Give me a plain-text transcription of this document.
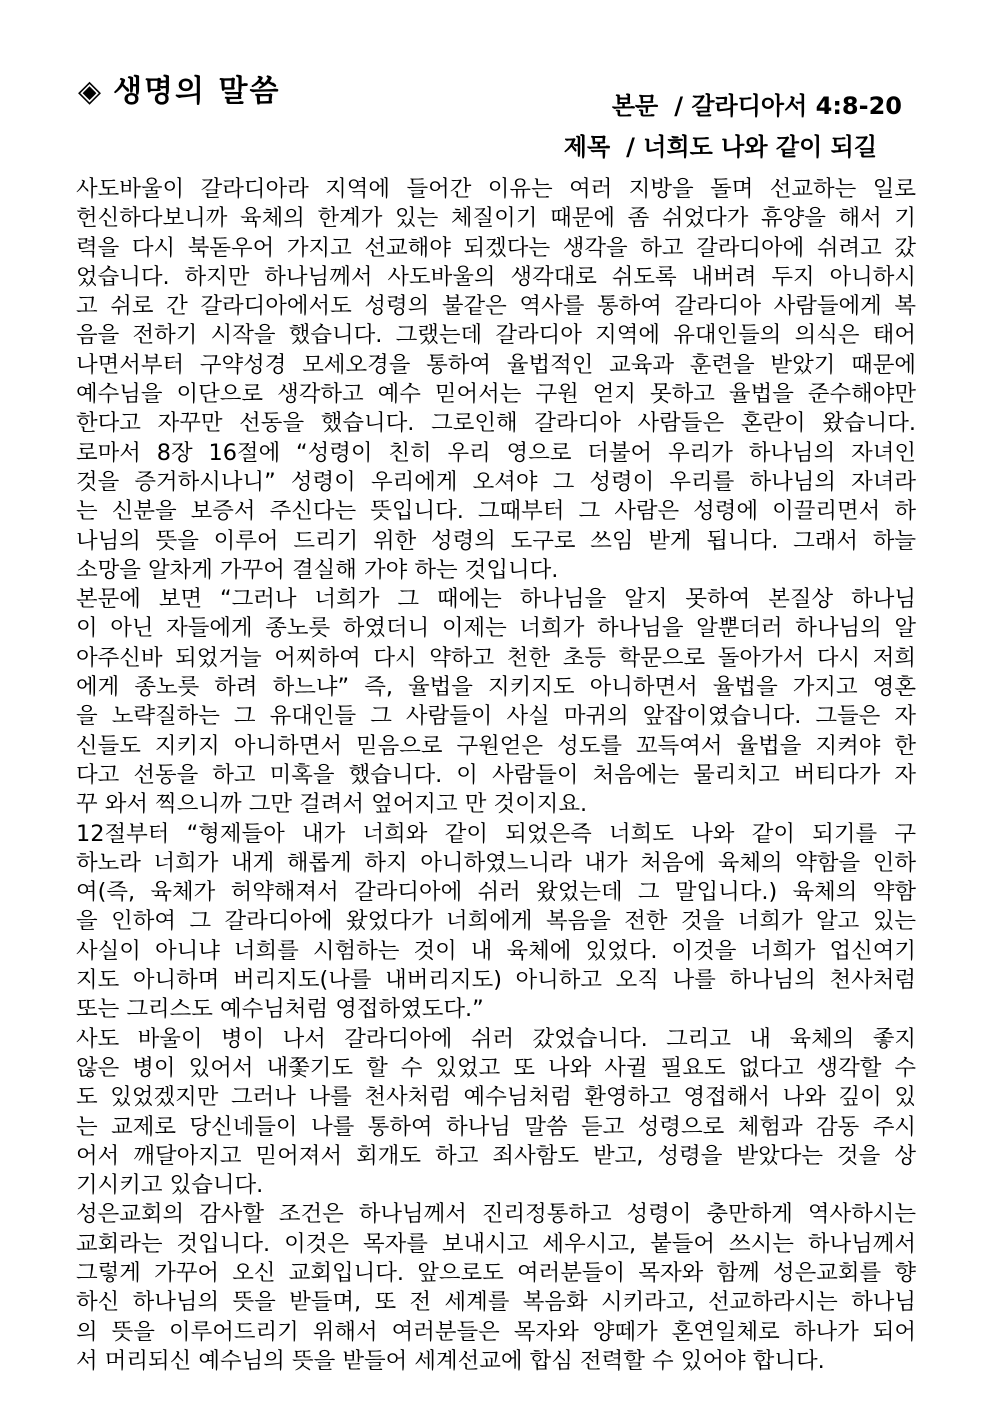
◈ 생명의 말씀	본문 / 갈라디아서 4:8-20

제목 / 너희도 나와 같이 되길

사도바울이 갈라디아라 지역에 들어간 이유는 여러 지방을 돌며 선교하는 일로
헌신하다보니까 육체의 한계가 있는 체질이기 때문에 좀 쉬었다가 휴양을 해서 기
력을 다시 북돋우어 가지고 선교해야 되겠다는 생각을 하고 갈라디아에 쉬려고 갔
었습니다. 하지만 하나님께서 사도바울의 생각대로 쉬도록 내버려 두지 아니하시
고 쉬로 간 갈라디아에서도 성령의 불같은 역사를 통하여 갈라디아 사람들에게 복
음을 전하기 시작을 했습니다. 그랬는데 갈라디아 지역에 유대인들의 의식은 태어
나면서부터 구약성경 모세오경을 통하여 율법적인 교육과 훈련을 받았기 때문에
예수님을 이단으로 생각하고 예수 믿어서는 구원 얻지 못하고 율법을 준수해야만
한다고 자꾸만 선동을 했습니다. 그로인해 갈라디아 사람들은 혼란이 왔습니다.
로마서 8장 16절에 “성령이 친히 우리 영으로 더불어 우리가 하나님의 자녀인
것을 증거하시나니” 성령이 우리에게 오셔야 그 성령이 우리를 하나님의 자녀라
는 신분을 보증서 주신다는 뜻입니다. 그때부터 그 사람은 성령에 이끌리면서 하
나님의 뜻을 이루어 드리기 위한 성령의 도구로 쓰임 받게 됩니다. 그래서 하늘
소망을 알차게 가꾸어 결실해 가야 하는 것입니다.
본문에 보면 “그러나 너희가 그 때에는 하나님을 알지 못하여 본질상 하나님
이 아닌 자들에게 종노릇 하였더니 이제는 너희가 하나님을 알뿐더러 하나님의 알
아주신바 되었거늘 어찌하여 다시 약하고 천한 초등 학문으로 돌아가서 다시 저희
에게 종노릇 하려 하느냐” 즉, 율법을 지키지도 아니하면서 율법을 가지고 영혼
을 노략질하는 그 유대인들 그 사람들이 사실 마귀의 앞잡이였습니다. 그들은 자
신들도 지키지 아니하면서 믿음으로 구원얻은 성도를 꼬득여서 율법을 지켜야 한
다고 선동을 하고 미혹을 했습니다. 이 사람들이 처음에는 물리치고 버티다가 자
꾸 와서 찍으니까 그만 걸려서 엎어지고 만 것이지요.
12절부터 “형제들아 내가 너희와 같이 되었은즉 너희도 나와 같이 되기를 구
하노라 너희가 내게 해롭게 하지 아니하였느니라 내가 처음에 육체의 약함을 인하
여(즉, 육체가 허약해져서 갈라디아에 쉬러 왔었는데 그 말입니다.) 육체의 약함
을 인하여 그 갈라디아에 왔었다가 너희에게 복음을 전한 것을 너희가 알고 있는
사실이 아니냐 너희를 시험하는 것이 내 육체에 있었다. 이것을 너희가 업신여기
지도 아니하며 버리지도(나를 내버리지도) 아니하고 오직 나를 하나님의 천사처럼
또는 그리스도 예수님처럼 영접하였도다.”
사도 바울이 병이 나서 갈라디아에 쉬러 갔었습니다. 그리고 내 육체의 좋지
않은 병이 있어서 내쫓기도 할 수 있었고 또 나와 사귈 필요도 없다고 생각할 수
도 있었겠지만 그러나 나를 천사처럼 예수님처럼 환영하고 영접해서 나와 깊이 있
는 교제로 당신네들이 나를 통하여 하나님 말씀 듣고 성령으로 체험과 감동 주시
어서 깨달아지고 믿어져서 회개도 하고 죄사함도 받고, 성령을 받았다는 것을 상
기시키고 있습니다.
성은교회의 감사할 조건은 하나님께서 진리정통하고 성령이 충만하게 역사하시는
교회라는 것입니다. 이것은 목자를 보내시고 세우시고, 붙들어 쓰시는 하나님께서
그렇게 가꾸어 오신 교회입니다. 앞으로도 여러분들이 목자와 함께 성은교회를 향
하신 하나님의 뜻을 받들며, 또 전 세계를 복음화 시키라고, 선교하라시는 하나님
의 뜻을 이루어드리기 위해서 여러분들은 목자와 양떼가 혼연일체로 하나가 되어
서 머리되신 예수님의 뜻을 받들어 세계선교에 합심 전력할 수 있어야 합니다.
